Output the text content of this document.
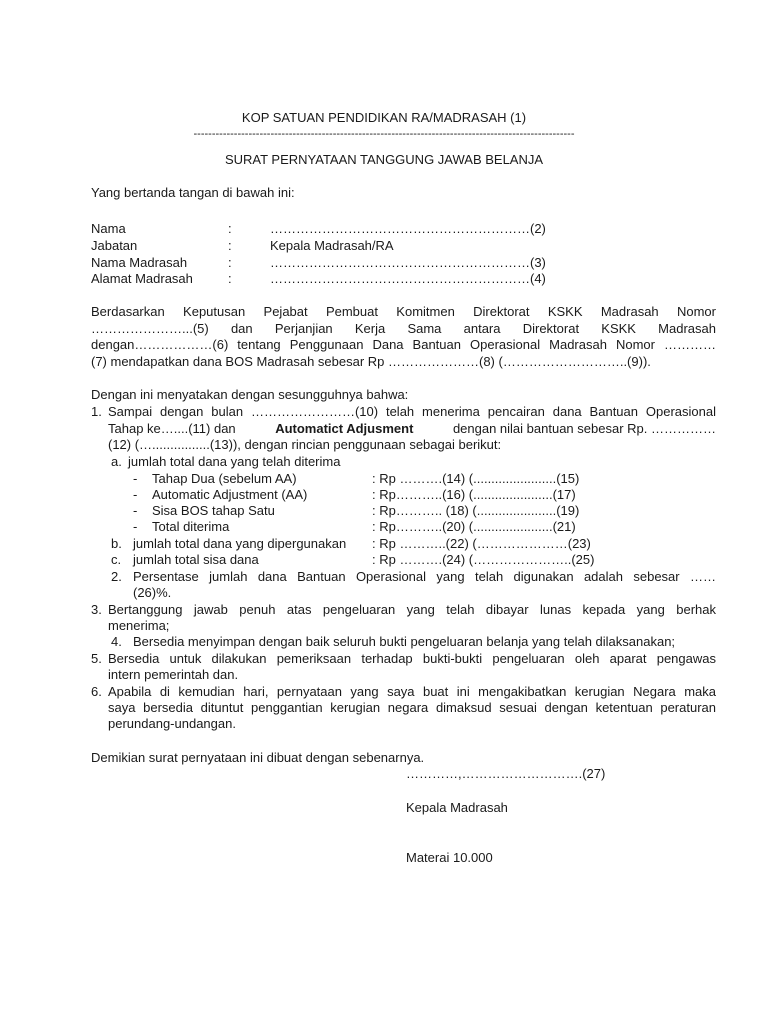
KOP SATUAN PENDIDIKAN RA/MADRASAH (1)
--------------------------------------------------------------------------------------------------------
SURAT PERNYATAAN TANGGUNG JAWAB BELANJA
Yang bertanda tangan di bawah ini:
Nama	:	……………………………………………………(2)
Jabatan	:	Kepala Madrasah/RA
Nama Madrasah	:	……………………………………………………(3)
Alamat Madrasah	:	……………………………………………………(4)
Berdasarkan Keputusan Pejabat Pembuat Komitmen Direktorat KSKK Madrasah Nomor
…………………...(5) dan Perjanjian Kerja Sama antara Direktorat KSKK Madrasah
dengan………………(6) tentang Penggunaan Dana Bantuan Operasional Madrasah Nomor …………
(7) mendapatkan dana BOS Madrasah sebesar Rp …………………(8) (………………………..(9)).
Dengan ini menyatakan dengan sesungguhnya bahwa:
1. Sampai dengan bulan ……………………(10) telah menerima pencairan dana Bantuan Operasional
Tahap ke…....(11) dan	Automatict Adjusment	dengan nilai bantuan sebesar Rp. ……………
(12) (…................(13)), dengan rincian penggunaan sebagai berikut:
a. jumlah total dana yang telah diterima
- Tahap Dua (sebelum AA)	: Rp ……….(14) (.......................(15)
- Automatic Adjustment (AA)	: Rp………..(16) (......................(17)
- Sisa BOS tahap Satu	: Rp……….. (18) (......................(19)
- Total diterima	: Rp………..(20) (......................(21)
b. jumlah total dana yang dipergunakan : Rp ………..(22) (…………………(23)
c. jumlah total sisa dana	: Rp ……….(24) (…………………..(25)
2. Persentase jumlah dana Bantuan Operasional yang telah digunakan adalah sebesar ……
(26)%.
3. Bertanggung jawab penuh atas pengeluaran yang telah dibayar lunas kepada yang berhak
menerima;
4. Bersedia menyimpan dengan baik seluruh bukti pengeluaran belanja yang telah dilaksanakan;
5. Bersedia untuk dilakukan pemeriksaan terhadap bukti-bukti pengeluaran oleh aparat pengawas
intern pemerintah dan.
6. Apabila di kemudian hari, pernyataan yang saya buat ini mengakibatkan kerugian Negara maka
saya bersedia dituntut penggantian kerugian negara dimaksud sesuai dengan ketentuan peraturan
perundang-undangan.
Demikian surat pernyataan ini dibuat dengan sebenarnya.
…………,……………………….(27)
Kepala Madrasah
Materai 10.000
